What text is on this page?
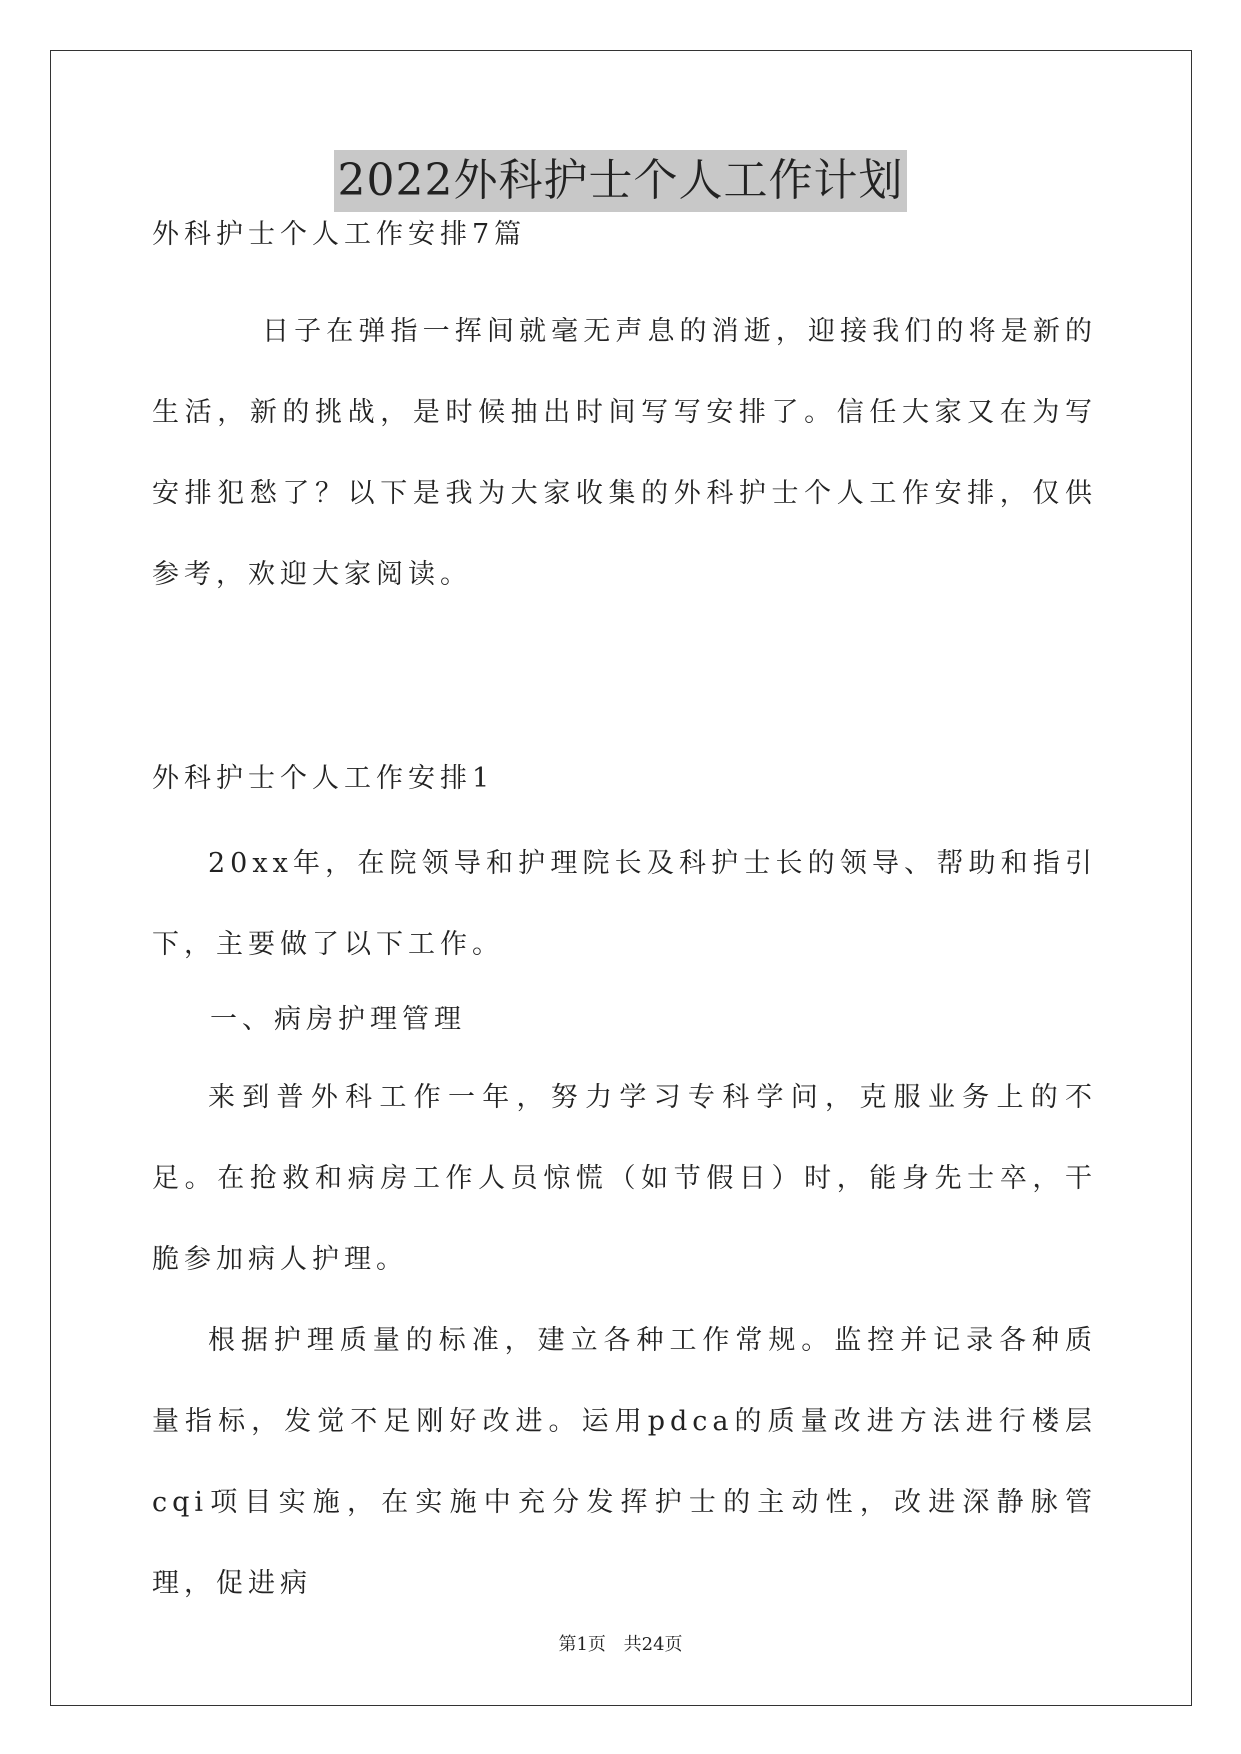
2022外科护士个人工作计划

外科护士个人工作安排7篇

日子在弹指一挥间就毫无声息的消逝，迎接我们的将是新的生活，新的挑战，是时候抽出时间写写安排了。信任大家又在为写安排犯愁了？以下是我为大家收集的外科护士个人工作安排，仅供参考，欢迎大家阅读。

外科护士个人工作安排1

20xx年，在院领导和护理院长及科护士长的领导、帮助和指引下，主要做了以下工作。

一、病房护理管理

来到普外科工作一年，努力学习专科学问，克服业务上的不足。在抢救和病房工作人员惊慌（如节假日）时，能身先士卒，干脆参加病人护理。

根据护理质量的标准，建立各种工作常规。监控并记录各种质量指标，发觉不足刚好改进。运用pdca的质量改进方法进行楼层cqi项目实施，在实施中充分发挥护士的主动性，改进深静脉管理，促进病

第1页 共24页
